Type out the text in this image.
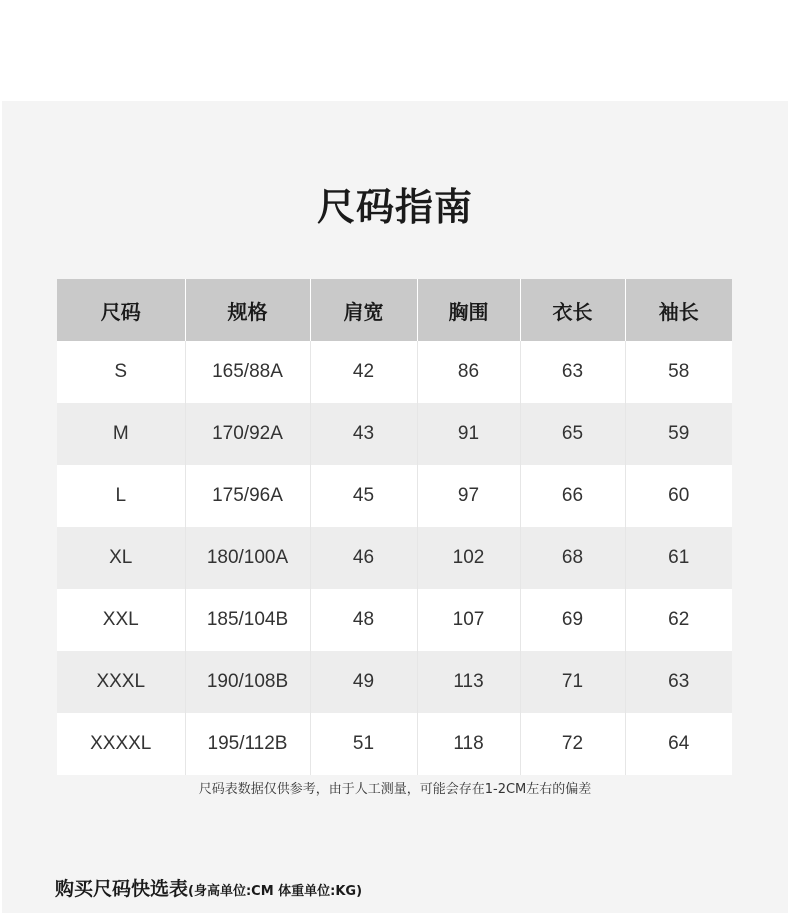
尺码指南
尺码	规格	肩宽	胸围	衣长	袖长
S	165/88A	42	86	63	58
M	170/92A	43	91	65	59
L	175/96A	45	97	66	60
XL	180/100A	46	102	68	61
XXL	185/104B	48	107	69	62
XXXL	190/108B	49	113	71	63
XXXXL	195/112B	51	118	72	64
尺码表数据仅供参考，由于人工测量，可能会存在1-2CM左右的偏差
购买尺码快选表(身高单位:CM 体重单位:KG)
